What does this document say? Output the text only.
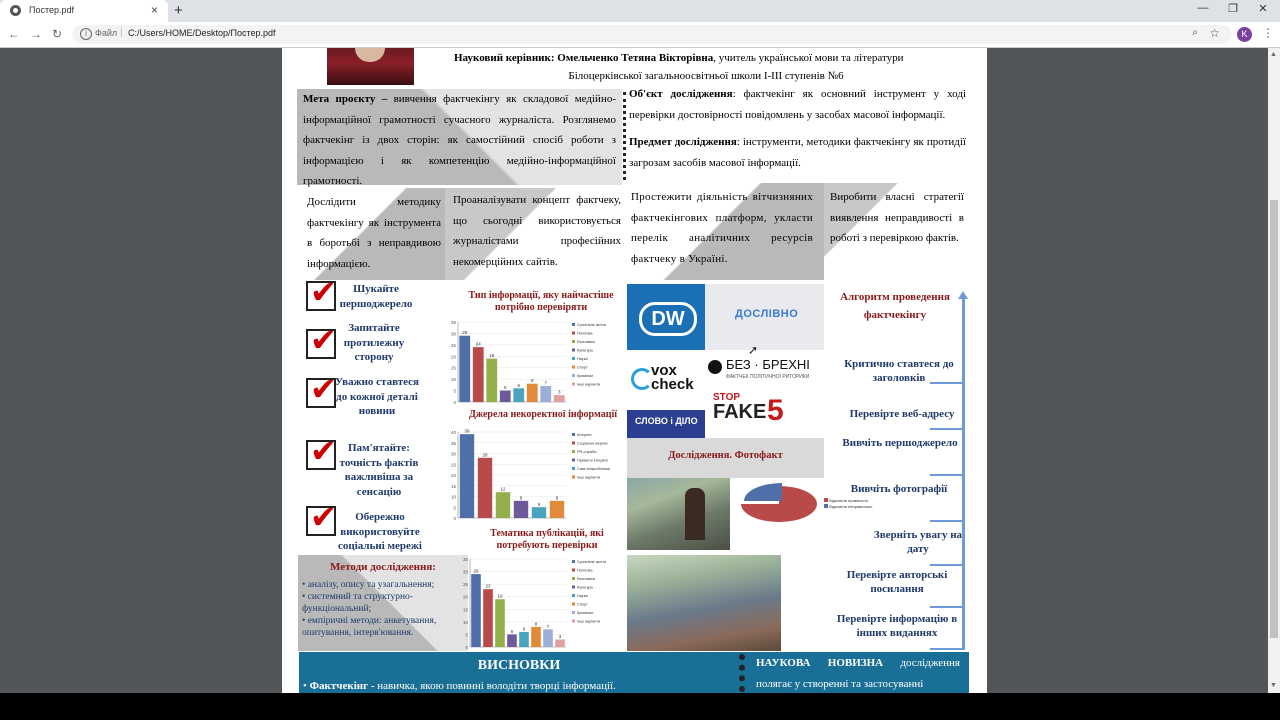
Постер.pdf	× +	—	❐	✕
← → ↻	i Файл | C:/Users/HOME/Desktop/Постер.pdf	⌕ ☆	K	⋮
Науковий керівник: Омельченко Тетяна Вікторівна, учитель української мови та літератури
Білоцерківської загальноосвітньої школи І-ІІІ ступенів №6
Мета проєкту – вивчення фактчекінгу як складової медійно-інформаційної грамотності сучасного журналіста. Розглянемо фактчекінг із двох сторін: як самостійний спосіб роботи з інформацією і як компетенцію медійно-інформаційної грамотності.
Об'єкт дослідження: фактчекінг як основний інструмент у ході перевірки достовірності повідомлень у засобах масової інформації.
Предмет дослідження: інструменти, методики фактчекінгу як протидії загрозам засобів масової інформації.
Дослідити методику фактчекінгу як інструмента в боротьбі з неправдивою інформацією.
Проаналізувати концепт фактчеку, що сьогодні використовується журналістами професійних некомерційних сайтів.
Простежити діяльність вітчизняних фактчекінгових платформ, укласти перелік аналітичних ресурсів фактчеку в Україні.
Виробити власні стратегії виявлення неправдивості в роботі з перевіркою фактів.
✔
Шукайте першоджерело
✔
Запитайте протилежну сторону
✔
Уважно ставтеся до кожної деталі новини
✔
Пам'ятайте: точність фактів важливіша за сенсацію
✔
Обережно використовуйте соціальні мережі
Методи дослідження:
• аналізу, опису та узагальнення;
• системний та структурно-функціональний;
• емпіричні методи: анкетування, опитування, інтерв'ювання.
Тип інформації, яку найчастіше потрібно перевіряти
0
5
10
15
20
25
30
35
29
24
19
5 6
8 7
3
Суспільне життя
Політика
Економіка
Культура
Наука
Спорт
Кримінал
Інші варіанти
Джерела некоректної інформації
0
5
10
15
20
25
30
35
40 39
28
12
8
5
8
Інтернет
Соціальні мережі
PR-служби
Приватні інтерв'ю
Самі співробітники
Інші варіанти
Тематика публікацій, які потребують перевірки
0
5
10
15
20
25
30
35
29
23
19
5
6
8
7
3
Суспільне життя
Політика
Економіка
Культура
Наука
Спорт
Кримінал
Інші варіанти
DW	ДОСЛІВНО
vox check
БЕЗ · БРЕХНІ
ФАКТЧЕК ПОЛІТИЧНОЇ РИТОРИКИ
СЛОВО і ДІЛО
STOP
FAKE 5
➚
Дослідження. Фотофакт
Відповіли правильно
Відповіли неправильно
Алгоритм проведення фактчекінгу
Критично ставтеся до заголовків
Перевірте веб-адресу
Вивчіть першоджерело
Вивчіть фотографії
Зверніть увагу на дату
Перевірте авторські посилання
Перевірте інформацію в інших виданнях
ВИСНОВКИ
• Фактчекінг - навичка, якою повинні володіти творці інформації.
НАУКОВА НОВИЗНА дослідження полягає у створенні та застосуванні
▲
▼
